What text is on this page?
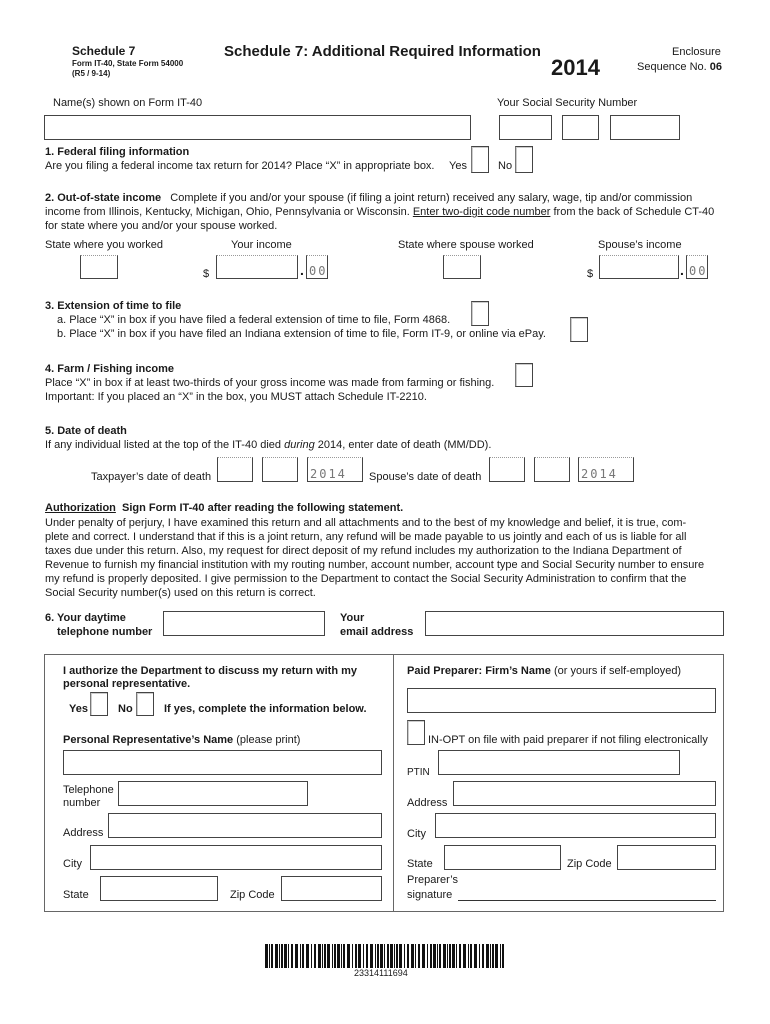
Schedule 7
Form IT-40, State Form 54000
(R5 / 9-14)
Schedule 7: Additional Required Information
2014
Enclosure
Sequence No. 06
Name(s) shown on Form IT-40	Your Social Security Number
1. Federal filing information
Are you filing a federal income tax return for 2014? Place “X” in appropriate box. Yes	No
2. Out-of-state income Complete if you and/or your spouse (if filing a joint return) received any salary, wage, tip and/or commission
income from Illinois, Kentucky, Michigan, Ohio, Pennsylvania or Wisconsin. Enter two-digit code number from the back of Schedule CT-40
for state where you and/or your spouse worked.
State where you worked	Your income	State where spouse worked	Spouse’s income
$	. 00	$	. 00
3. Extension of time to file
a. Place “X” in box if you have filed a federal extension of time to file, Form 4868.
b. Place “X” in box if you have filed an Indiana extension of time to file, Form IT-9, or online via ePay.
4. Farm / Fishing income
Place “X” in box if at least two-thirds of your gross income was made from farming or fishing.
Important: If you placed an “X” in the box, you MUST attach Schedule IT-2210.
5. Date of death
If any individual listed at the top of the IT-40 died during 2014, enter date of death (MM/DD).
Taxpayer’s date of death	2014 Spouse’s date of death	2014
Authorization Sign Form IT-40 after reading the following statement.
Under penalty of perjury, I have examined this return and all attachments and to the best of my knowledge and belief, it is true, com-
plete and correct. I understand that if this is a joint return, any refund will be made payable to us jointly and each of us is liable for all
taxes due under this return. Also, my request for direct deposit of my refund includes my authorization to the Indiana Department of
Revenue to furnish my financial institution with my routing number, account number, account type and Social Security number to ensure
my refund is properly deposited. I give permission to the Department to contact the Social Security Administration to confirm that the
Social Security number(s) used on this return is correct.
6. Your daytime
telephone number
Your
email address
I authorize the Department to discuss my return with my
personal representative.
Yes	No	If yes, complete the information below.
Personal Representative’s Name (please print)
Telephone
number
Address
City
State	Zip Code
Paid Preparer: Firm’s Name (or yours if self-employed)
IN-OPT on file with paid preparer if not filing electronically
PTIN
Address
City
State	Zip Code
Preparer’s
signature
23314111694
